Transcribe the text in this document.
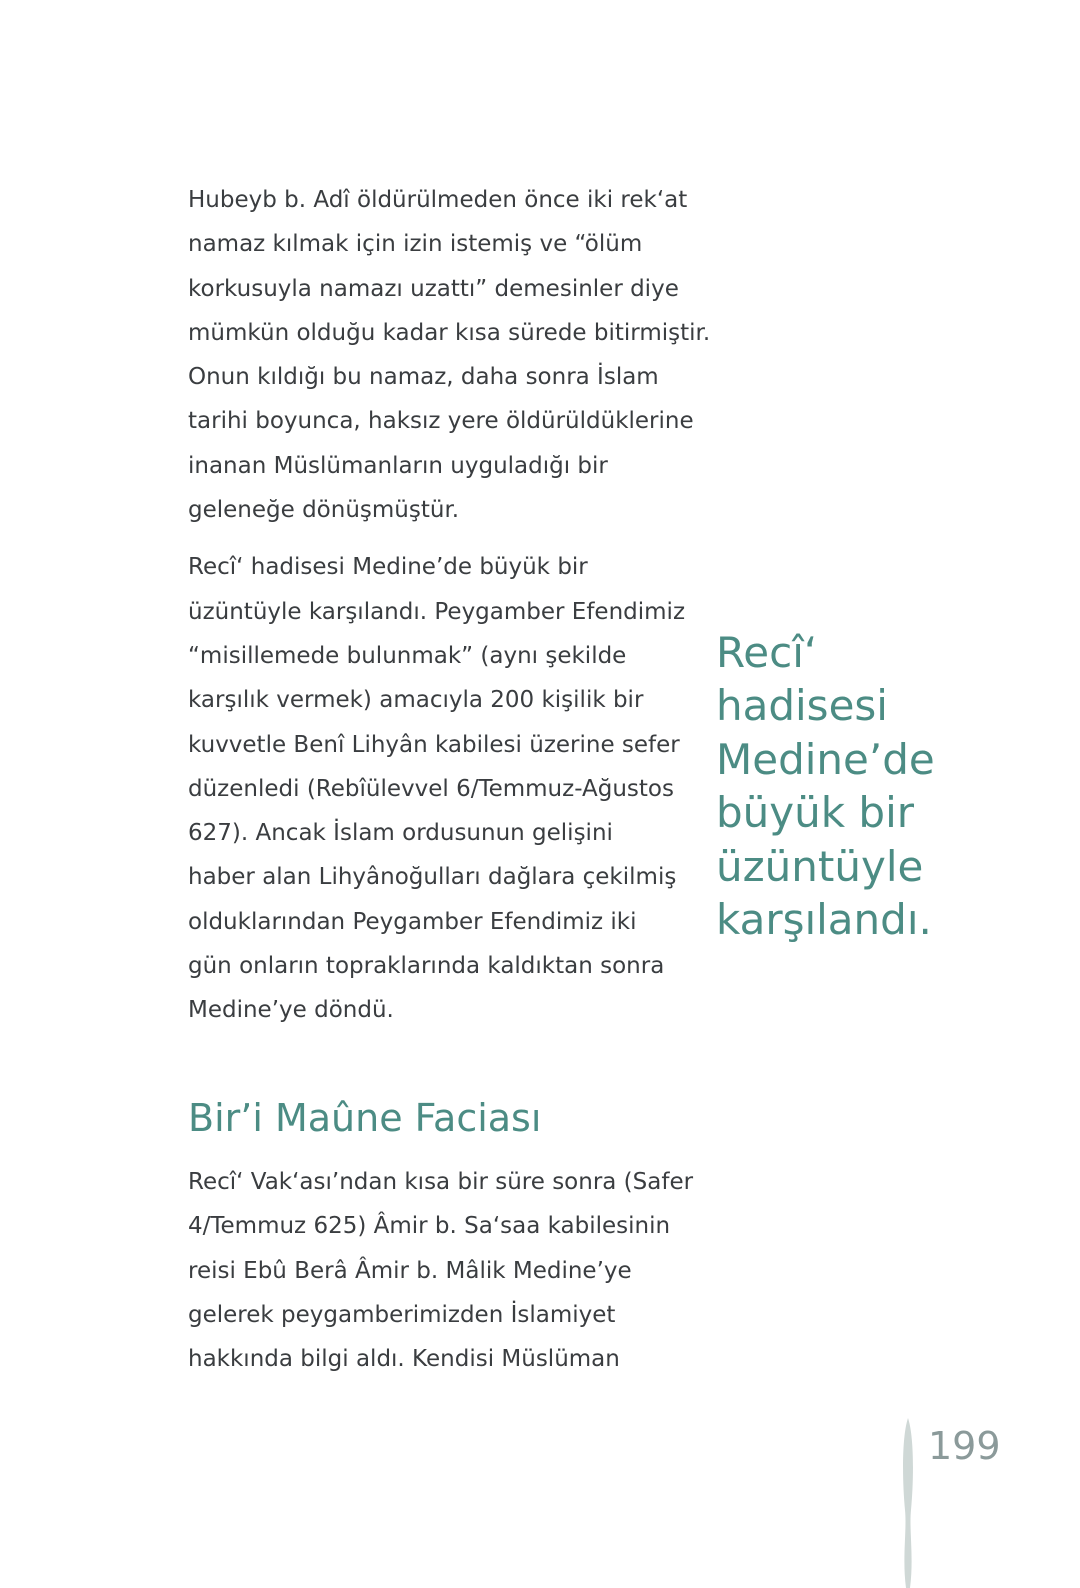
Hubeyb b. Adî öldürülmeden önce iki rek‘at
namaz kılmak için izin istemiş ve “ölüm
korkusuyla namazı uzattı” demesinler diye
mümkün olduğu kadar kısa sürede bitirmiştir.
Onun kıldığı bu namaz, daha sonra İslam
tarihi boyunca, haksız yere öldürüldüklerine
inanan Müslümanların uyguladığı bir
geleneğe dönüşmüştür.

Recî‘ hadisesi Medine’de büyük bir
üzüntüyle karşılandı. Peygamber Efendimiz
“misillemede bulunmak” (aynı şekilde
karşılık vermek) amacıyla 200 kişilik bir
kuvvetle Benî Lihyân kabilesi üzerine sefer
düzenledi (Rebîülevvel 6/Temmuz-Ağustos
627). Ancak İslam ordusunun gelişini
haber alan Lihyânoğulları dağlara çekilmiş
olduklarından Peygamber Efendimiz iki
gün onların topraklarında kaldıktan sonra
Medine’ye döndü.

Bir’i Maûne Faciası

Recî‘ Vak‘ası’ndan kısa bir süre sonra (Safer
4/Temmuz 625) Âmir b. Sa‘saa kabilesinin
reisi Ebû Berâ Âmir b. Mâlik Medine’ye
gelerek peygamberimizden İslamiyet
hakkında bilgi aldı. Kendisi Müslüman

Recî‘
hadisesi
Medine’de
büyük bir
üzüntüyle
karşılandı.
199
